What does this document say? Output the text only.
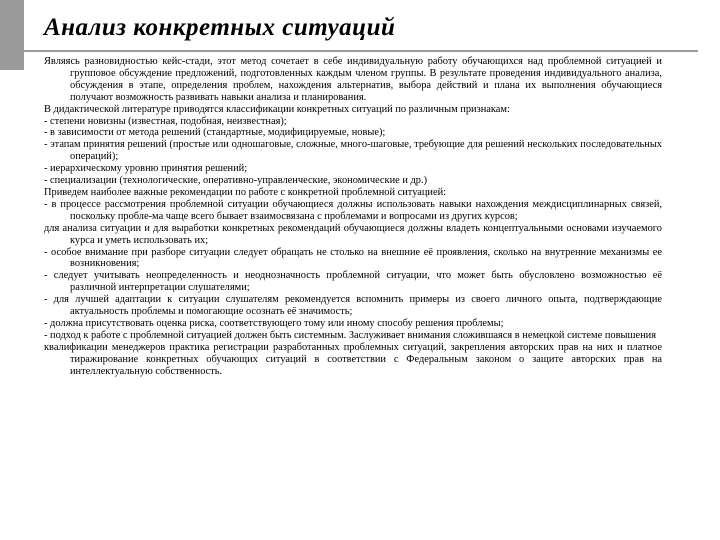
Анализ конкретных ситуаций

Являясь разновидностью кейс-стади, этот метод сочетает в себе индивидуальную работу обучающихся над проблемной ситуацией и групповое обсуждение предложений, подготовленных каждым членом группы. В результате проведения индивидуального анализа, обсуждения в этапе, определения проблем, нахождения альтернатив, выбора действий и плана их выполнения обучающиеся получают возможность развивать навыки анализа и планирования.

В дидактической литературе приводятся классификации конкретных ситуаций по различным признакам:

- степени новизны (известная, подобная, неизвестная);

- в зависимости от метода решений (стандартные, модифицируемые, новые);

- этапам принятия решений (простые или одношаговые, сложные, много-шаговые, требующие для решений нескольких последовательных операций);

- иерархическому уровню принятия решений;

- специализации (технологические, оперативно-управленческие, экономические и др.)

Приведем наиболее важные рекомендации по работе с конкретной проблемной ситуацией:

- в процессе рассмотрения проблемной ситуации обучающиеся должны использовать навыки нахождения междисциплинарных связей, поскольку пробле-ма чаще всего бывает взаимосвязана с проблемами и вопросами из других курсов;

для анализа ситуации и для выработки конкретных рекомендаций обучающиеся должны владеть концептуальными основами изучаемого курса и уметь использовать их;

- особое внимание при разборе ситуации следует обращать не столько на внешние её проявления, сколько на внутренние механизмы ее возникновения;

- следует учитывать неопределенность и неоднозначность проблемной ситуации, что может быть обусловлено возможностью её различной интерпретации слушателями;

- для лучшей адаптации к ситуации слушателям рекомендуется вспомнить примеры из своего личного опыта, подтверждающие актуальность проблемы и помогающие осознать её значимость;

- должна присутствовать оценка риска, соответствующего тому или иному способу решения проблемы;

- подход к работе с проблемной ситуацией должен быть системным. Заслуживает внимания сложившаяся в немецкой системе повышения

квалификации менеджеров практика регистрации разработанных проблемных ситуаций, закрепления авторских прав на них и платное тиражирование конкретных обучающих ситуаций в соответствии с Федеральным законом о защите авторских прав на интеллектуальную собственность.
